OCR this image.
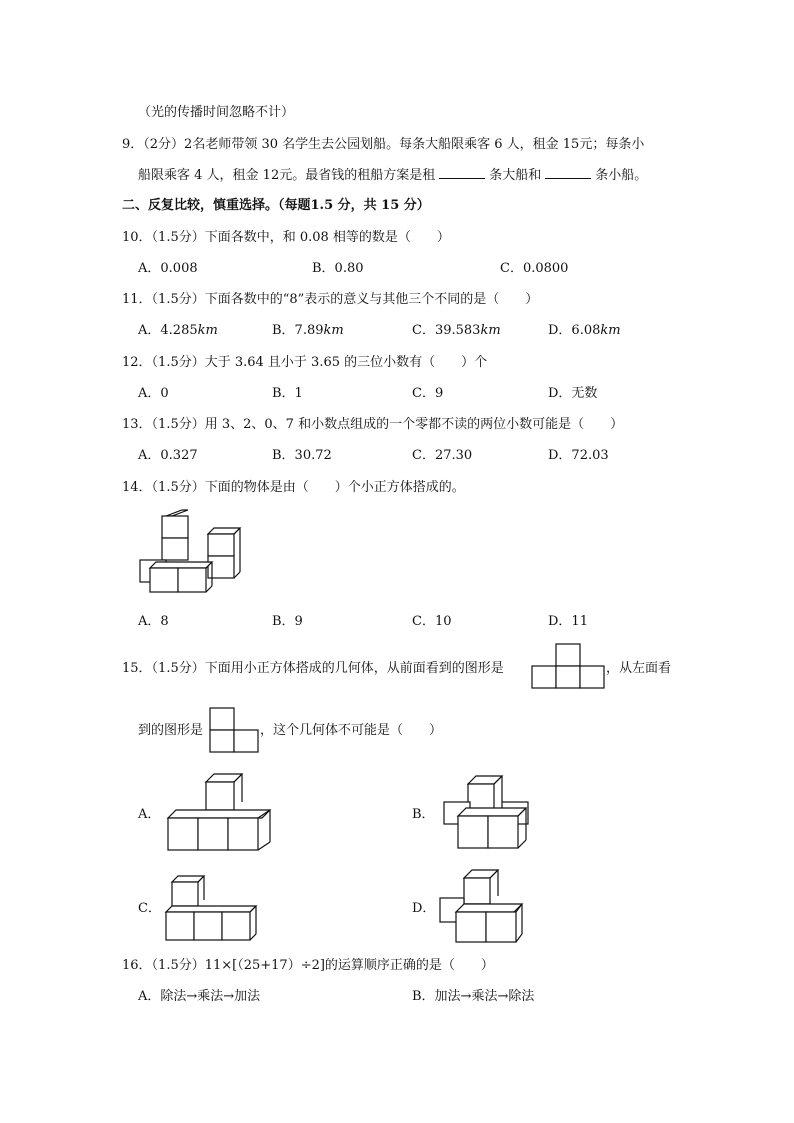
（光的传播时间忽略不计）
9．（2分）2名老师带领 30 名学生去公园划船。每条大船限乘客 6 人，租金 15元；每条小
船限乘客 4 人，租金 12元。最省钱的租船方案是租	条大船和	条小船。
二、反复比较，慎重选择。（每题1.5 分，共 15 分）
10．（1.5分）下面各数中，和 0.08 相等的数是（　　）
A．0.008	B．0.80	C．0.0800
11．（1.5分）下面各数中的“8”表示的意义与其他三个不同的是（　　）
A．4.285km	B．7.89km	C．39.583km	D．6.08km
12．（1.5分）大于 3.64 且小于 3.65 的三位小数有（　　）个
A．0	B．1	C．9	D．无数
13．（1.5分）用 3、2、0、7 和小数点组成的一个零都不读的两位小数可能是（　　）
A．0.327	B．30.72	C．27.30	D．72.03
14．（1.5分）下面的物体是由（　　）个小正方体搭成的。
A．8	B．9	C．10	D．11
15．（1.5分）下面用小正方体搭成的几何体，从前面看到的图形是	，从左面看
到的图形是	，这个几何体不可能是（　　）
A．	B．
C．	D．
16．（1.5分）11×[（25+17）÷2]的运算顺序正确的是（　　）
A．除法→乘法→加法	B．加法→乘法→除法
